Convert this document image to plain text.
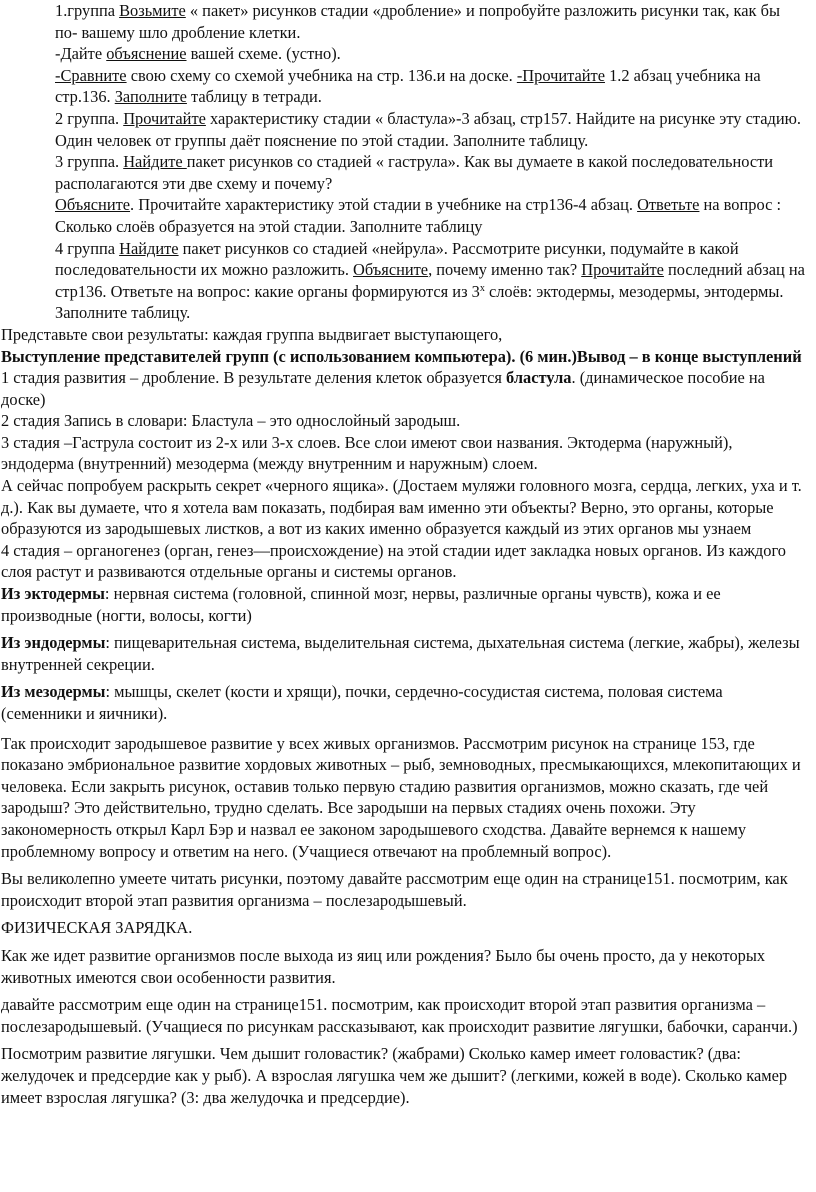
1.группа Возьмите « пакет» рисунков стадии «дробление» и попробуйте разложить рисунки так, как бы по- вашему шло дробление клетки.

-Дайте объяснение вашей схеме. (устно).

-Сравните свою схему со схемой учебника на стр. 136.и на доске. -Прочитайте 1.2 абзац учебника на стр.136. Заполните таблицу в тетради.

2 группа. Прочитайте характеристику стадии « бластула»-3 абзац, стр157. Найдите на рисунке эту стадию. Один человек от группы даёт пояснение по этой стадии. Заполните таблицу.

3 группа. Найдите пакет рисунков со стадией « гаструла». Как вы думаете в какой последовательности располагаются эти две схему и почему?

Объясните. Прочитайте характеристику этой стадии в учебнике на стр136-4 абзац. Ответьте на вопрос : Сколько слоёв образуется на этой стадии. Заполните таблицу

4 группа Найдите пакет рисунков со стадией «нейрула». Рассмотрите рисунки, подумайте в какой последовательности их можно разложить. Объясните, почему именно так? Прочитайте последний абзац на стр136. Ответьте на вопрос: какие органы формируются из $3^х$ слоёв: эктодермы, мезодермы, энтодермы. Заполните таблицу.

Представьте свои результаты: каждая группа выдвигает выступающего,

Выступление представителей групп (с использованием компьютера). (6 мин.)Вывод – в конце выступлений

1 стадия развития – дробление. В результате деления клеток образуется бластула. (динамическое пособие на доске)

2 стадия Запись в словари: Бластула – это однослойный зародыш.

3 стадия –Гаструла состоит из 2-х или 3-х слоев. Все слои имеют свои названия. Эктодерма (наружный), эндодерма (внутренний) мезодерма (между внутренним и наружным) слоем.

А сейчас попробуем раскрыть секрет «черного ящика». (Достаем муляжи головного мозга, сердца, легких, уха и т. д.). Как вы думаете, что я хотела вам показать, подбирая вам именно эти объекты? Верно, это органы, которые образуются из зародышевых листков, а вот из каких именно образуется каждый из этих органов мы узнаем

4 стадия – органогенез (орган, генез—происхождение) на этой стадии идет закладка новых органов. Из каждого слоя растут и развиваются отдельные органы и системы органов.

Из эктодермы: нервная система (головной, спинной мозг, нервы, различные органы чувств), кожа и ее производные (ногти, волосы, когти)

Из эндодермы: пищеварительная система, выделительная система, дыхательная система (легкие, жабры), железы внутренней секреции.

Из мезодермы: мышцы, скелет (кости и хрящи), почки, сердечно-сосудистая система, половая система (семенники и яичники).

Так происходит зародышевое развитие у всех живых организмов. Рассмотрим рисунок на странице 153, где показано эмбриональное развитие хордовых животных – рыб, земноводных, пресмыкающихся, млекопитающих и человека. Если закрыть рисунок, оставив только первую стадию развития организмов, можно сказать, где чей зародыш? Это действительно, трудно сделать. Все зародыши на первых стадиях очень похожи. Эту закономерность открыл Карл Бэр и назвал ее законом зародышевого сходства. Давайте вернемся к нашему проблемному вопросу и ответим на него. (Учащиеся отвечают на проблемный вопрос).

Вы великолепно умеете читать рисунки, поэтому давайте рассмотрим еще один на странице151. посмотрим, как происходит второй этап развития организма – послезародышевый.

ФИЗИЧЕСКАЯ ЗАРЯДКА.

Как же идет развитие организмов после выхода из яиц или рождения? Было бы очень просто, да у некоторых животных имеются свои особенности развития.

давайте рассмотрим еще один на странице151. посмотрим, как происходит второй этап развития организма – послезародышевый. (Учащиеся по рисункам рассказывают, как происходит развитие лягушки, бабочки, саранчи.)

Посмотрим развитие лягушки. Чем дышит головастик? (жабрами) Сколько камер имеет головастик? (два: желудочек и предсердие как у рыб). А взрослая лягушка чем же дышит? (легкими, кожей в воде). Сколько камер имеет взрослая лягушка? (3: два желудочка и предсердие).
